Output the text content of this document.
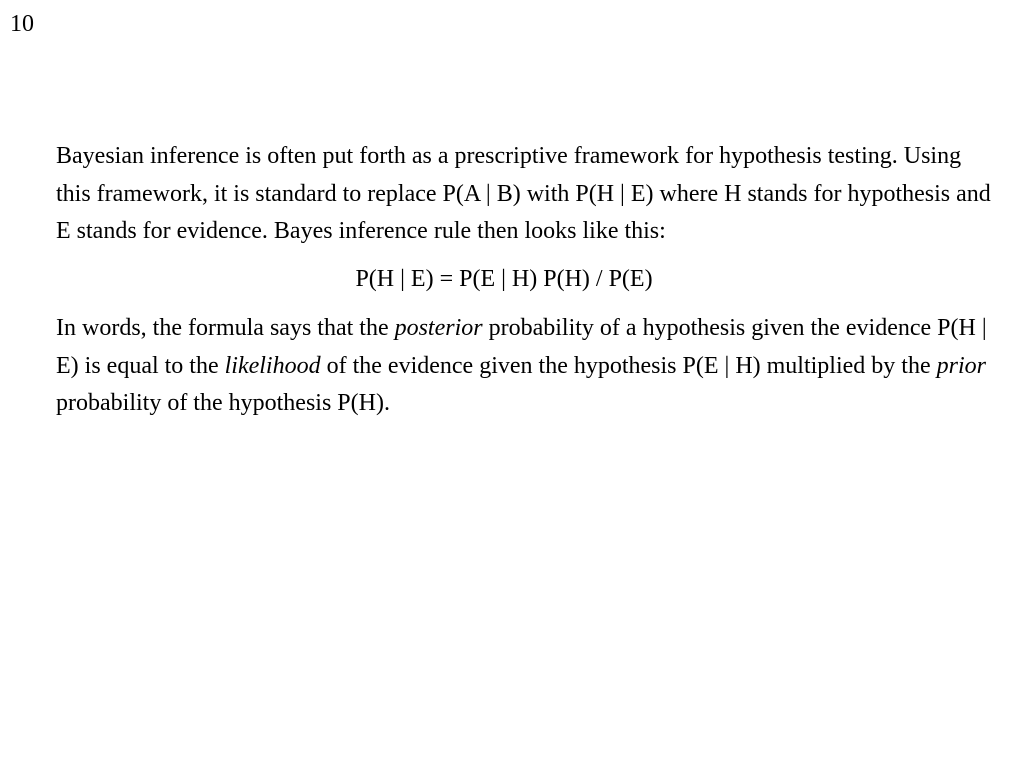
10

Bayesian inference is often put forth as a prescriptive framework for hypothesis testing. Using this framework, it is standard to replace P(A | B) with P(H | E) where H stands for hypothesis and E stands for evidence. Bayes inference rule then looks like this:

P(H | E) = P(E | H) P(H) / P(E)

In words, the formula says that the posterior probability of a hypothesis given the evidence P(H | E) is equal to the likelihood of the evidence given the hypothesis P(E | H) multiplied by the prior probability of the hypothesis P(H).
